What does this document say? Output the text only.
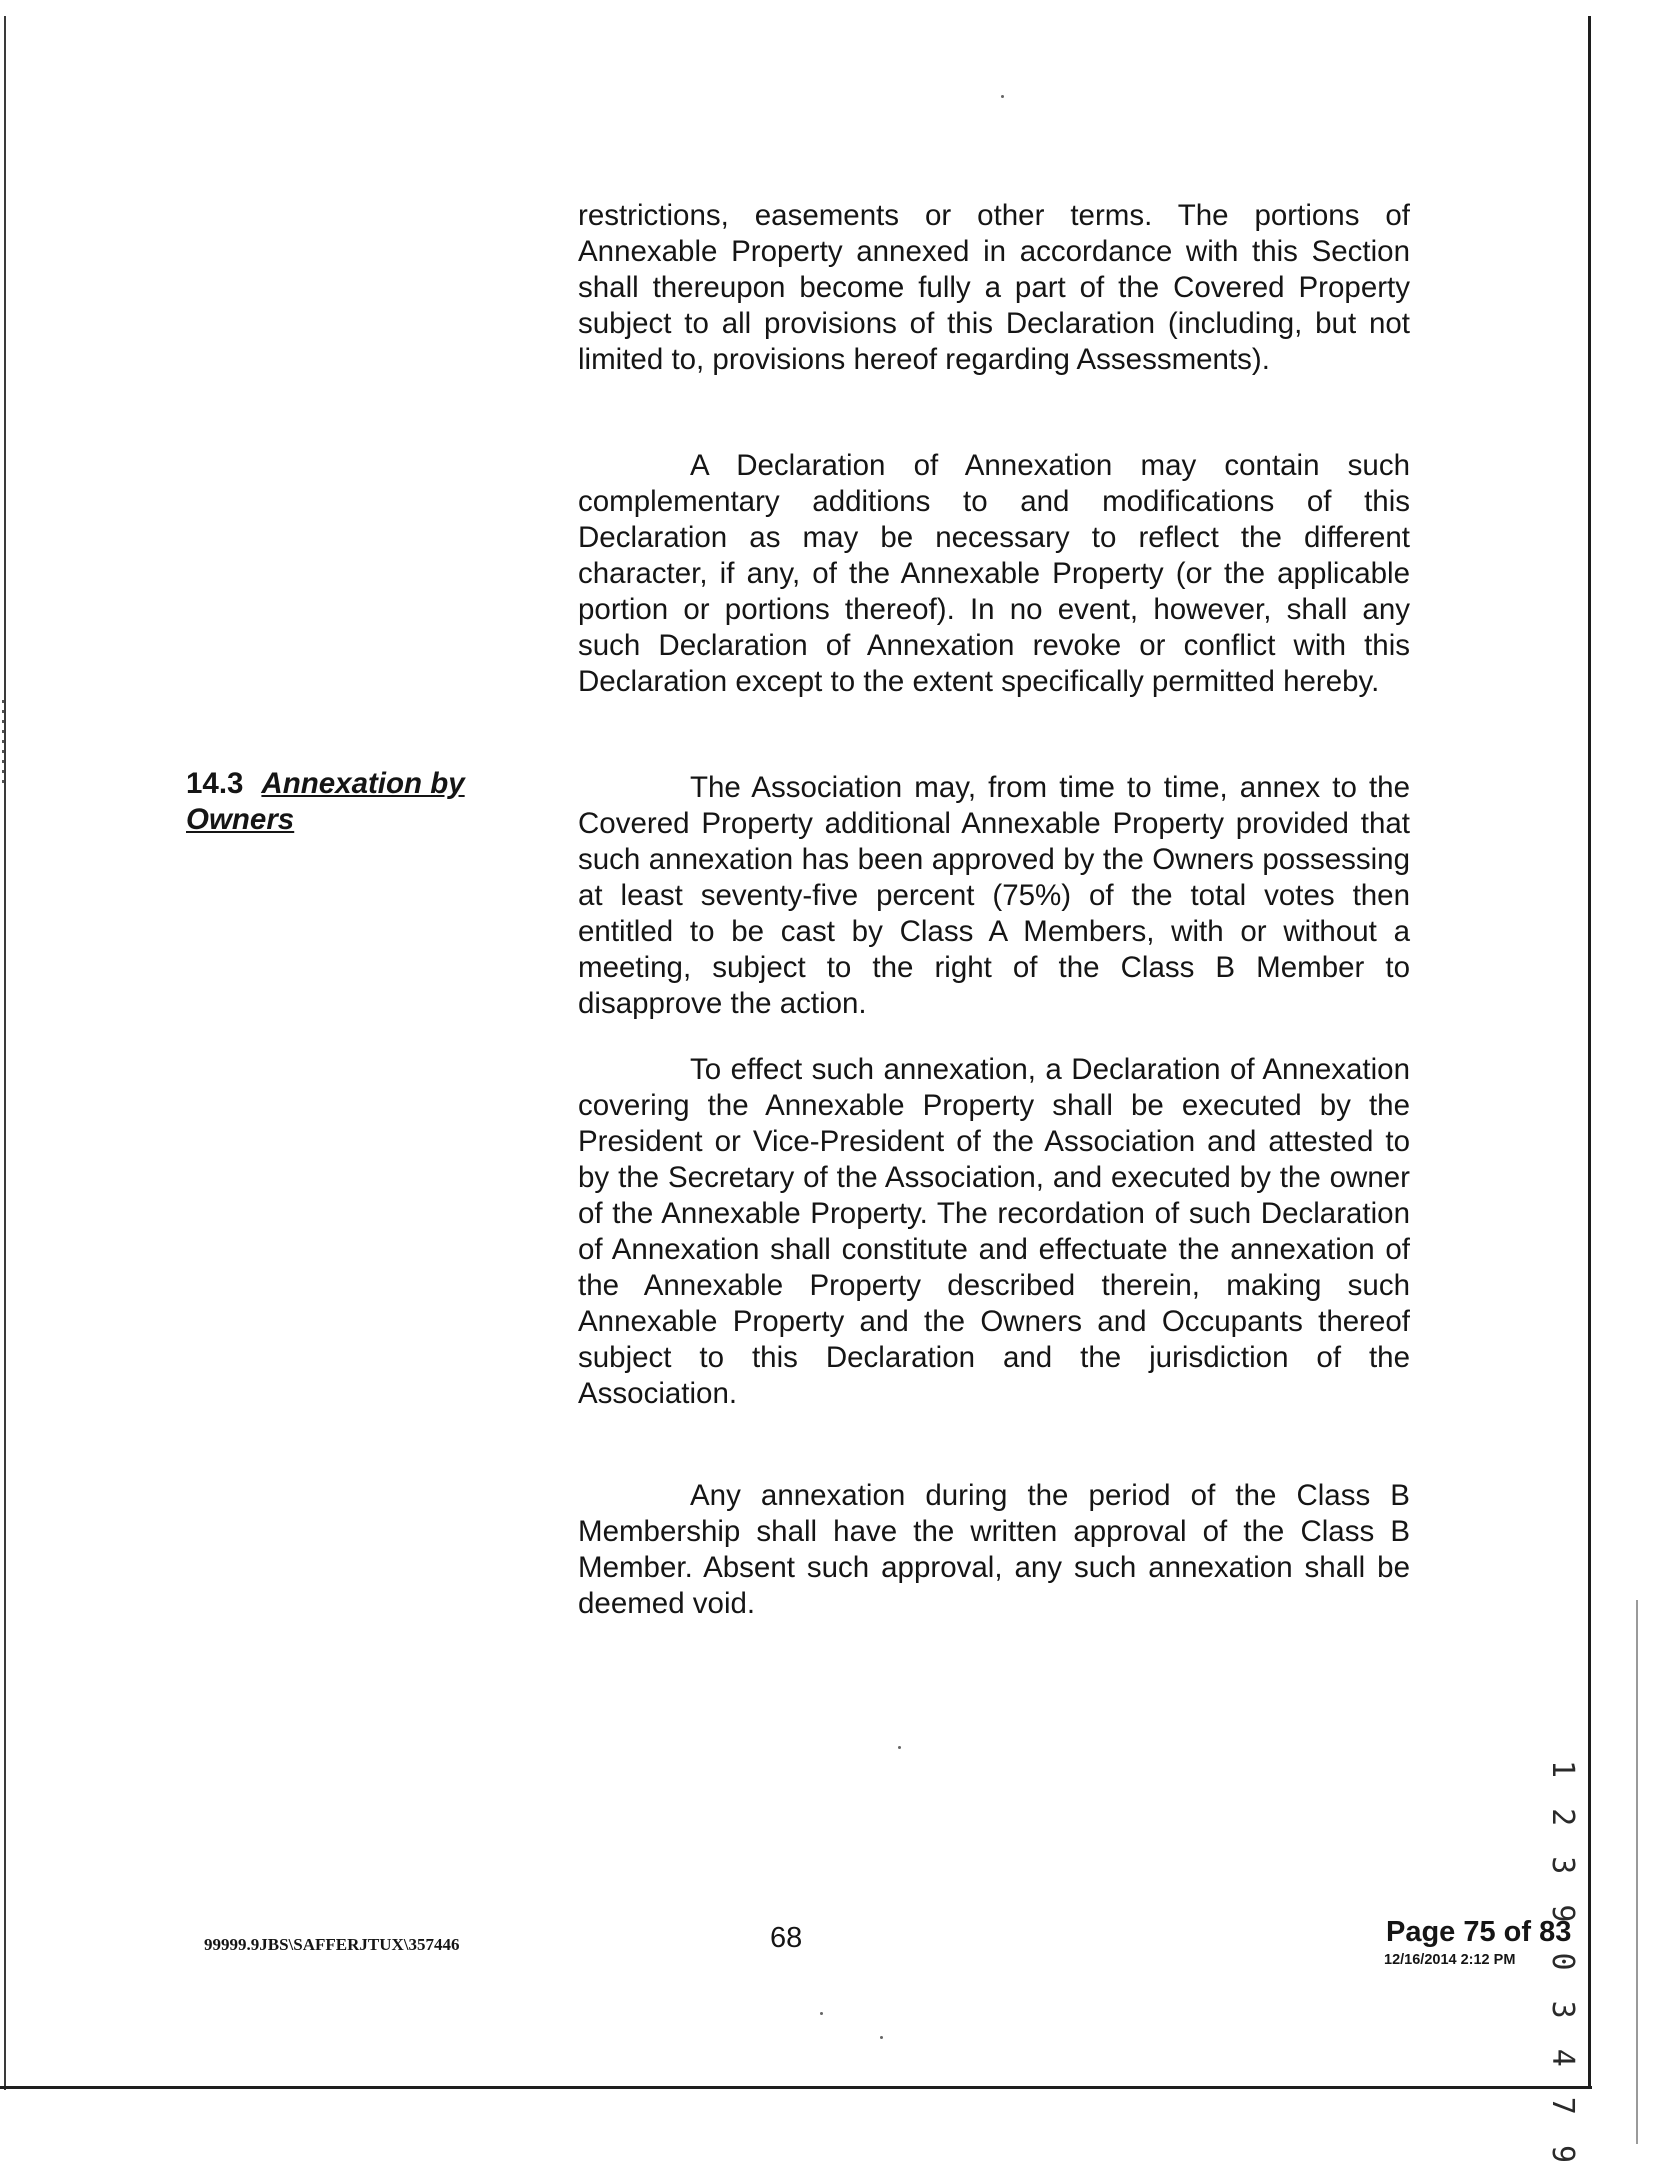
restrictions, easements or other terms. The portions of Annexable Property annexed in accordance with this Section shall thereupon become fully a part of the Covered Property subject to all provisions of this Declaration (including, but not limited to, provisions hereof regarding Assessments).

A Declaration of Annexation may contain such complementary additions to and modifications of this Declaration as may be necessary to reflect the different character, if any, of the Annexable Property (or the applicable portion or portions thereof). In no event, however, shall any such Declaration of Annexation revoke or conflict with this Declaration except to the extent specifically permitted hereby.

14.3 Annexation by
Owners

The Association may, from time to time, annex to the Covered Property additional Annexable Property provided that such annexation has been approved by the Owners possessing at least seventy-five percent (75%) of the total votes then entitled to be cast by Class A Members, with or without a meeting, subject to the right of the Class B Member to disapprove the action.

To effect such annexation, a Declaration of Annexation covering the Annexable Property shall be executed by the President or Vice-President of the Association and attested to by the Secretary of the Association, and executed by the owner of the Annexable Property. The recordation of such Declaration of Annexation shall constitute and effectuate the annexation of the Annexable Property described therein, making such Annexable Property and the Owners and Occupants thereof subject to this Declaration and the jurisdiction of the Association.

Any annexation during the period of the Class B Membership shall have the written approval of the Class B Member. Absent such approval, any such annexation shall be deemed void.

1 2 3 9 0 3 4 7 9
99999.9JBS\SAFFERJTUX\357446	68	Page 75 of 83
12/16/2014 2:12 PM
